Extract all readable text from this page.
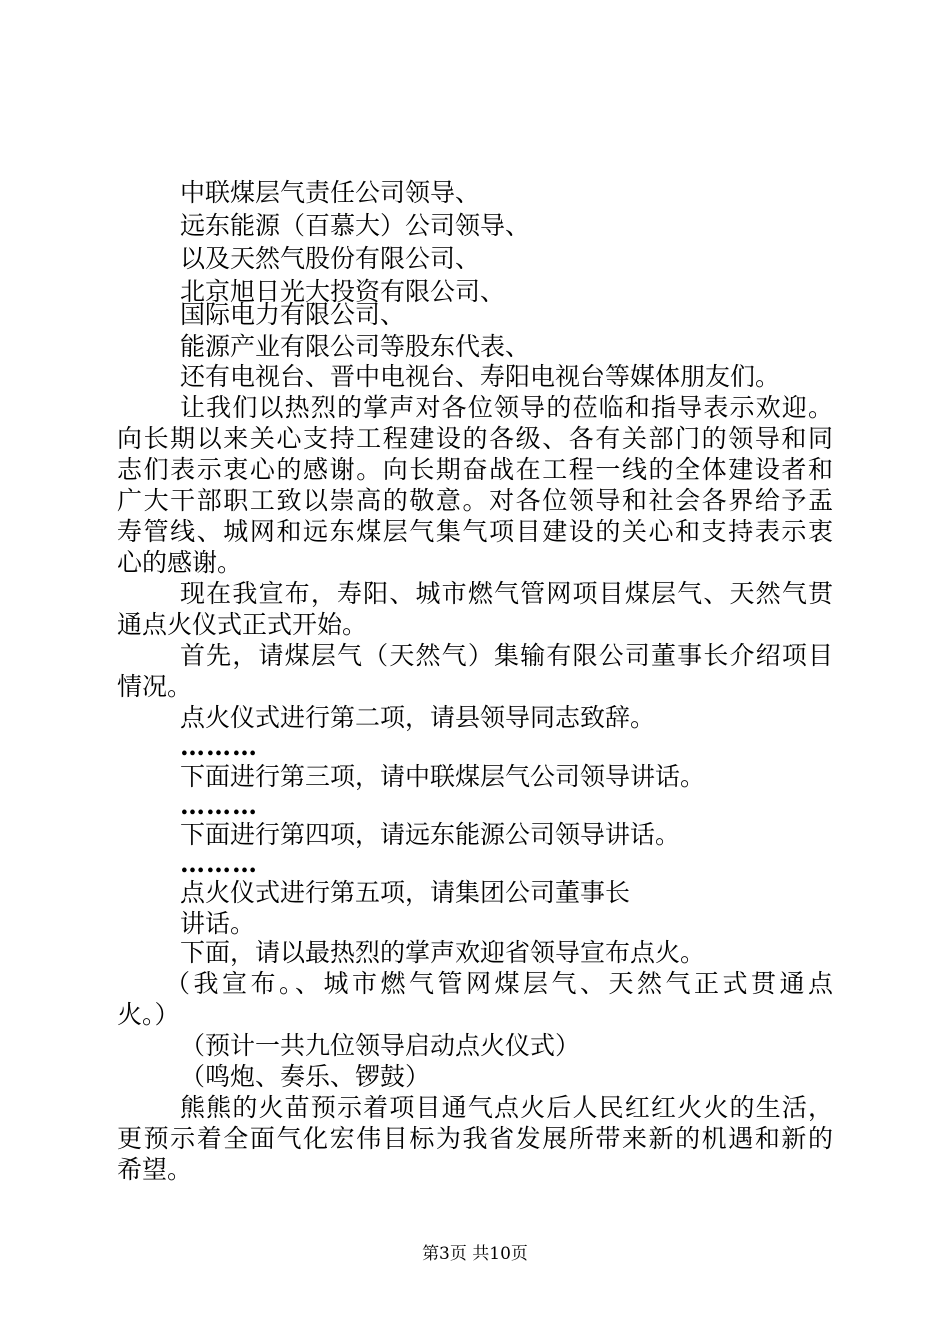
中联煤层气责任公司领导、
远东能源（百慕大）公司领导、
以及天然气股份有限公司、
北京旭日光大投资有限公司、
国际电力有限公司、
能源产业有限公司等股东代表、
还有电视台、晋中电视台、寿阳电视台等媒体朋友们。
让我们以热烈的掌声对各位领导的莅临和指导表示欢迎。
向长期以来关心支持工程建设的各级、各有关部门的领导和同
志们表示衷心的感谢。向长期奋战在工程一线的全体建设者和
广大干部职工致以崇高的敬意。对各位领导和社会各界给予盂
寿管线、城网和远东煤层气集气项目建设的关心和支持表示衷
心的感谢。
现在我宣布，寿阳、城市燃气管网项目煤层气、天然气贯
通点火仪式正式开始。
首先，请煤层气（天然气）集输有限公司董事长介绍项目
情况。
点火仪式进行第二项，请县领导同志致辞。
………
下面进行第三项，请中联煤层气公司领导讲话。
………
下面进行第四项，请远东能源公司领导讲话。
………
点火仪式进行第五项，请集团公司董事长
讲话。
下面，请以最热烈的掌声欢迎省领导宣布点火。
（我宣布。、城市燃气管网煤层气、天然气正式贯通点
火。）
（预计一共九位领导启动点火仪式）
（鸣炮、奏乐、锣鼓）
熊熊的火苗预示着项目通气点火后人民红红火火的生活，
更预示着全面气化宏伟目标为我省发展所带来新的机遇和新的
希望。
第3页 共10页
